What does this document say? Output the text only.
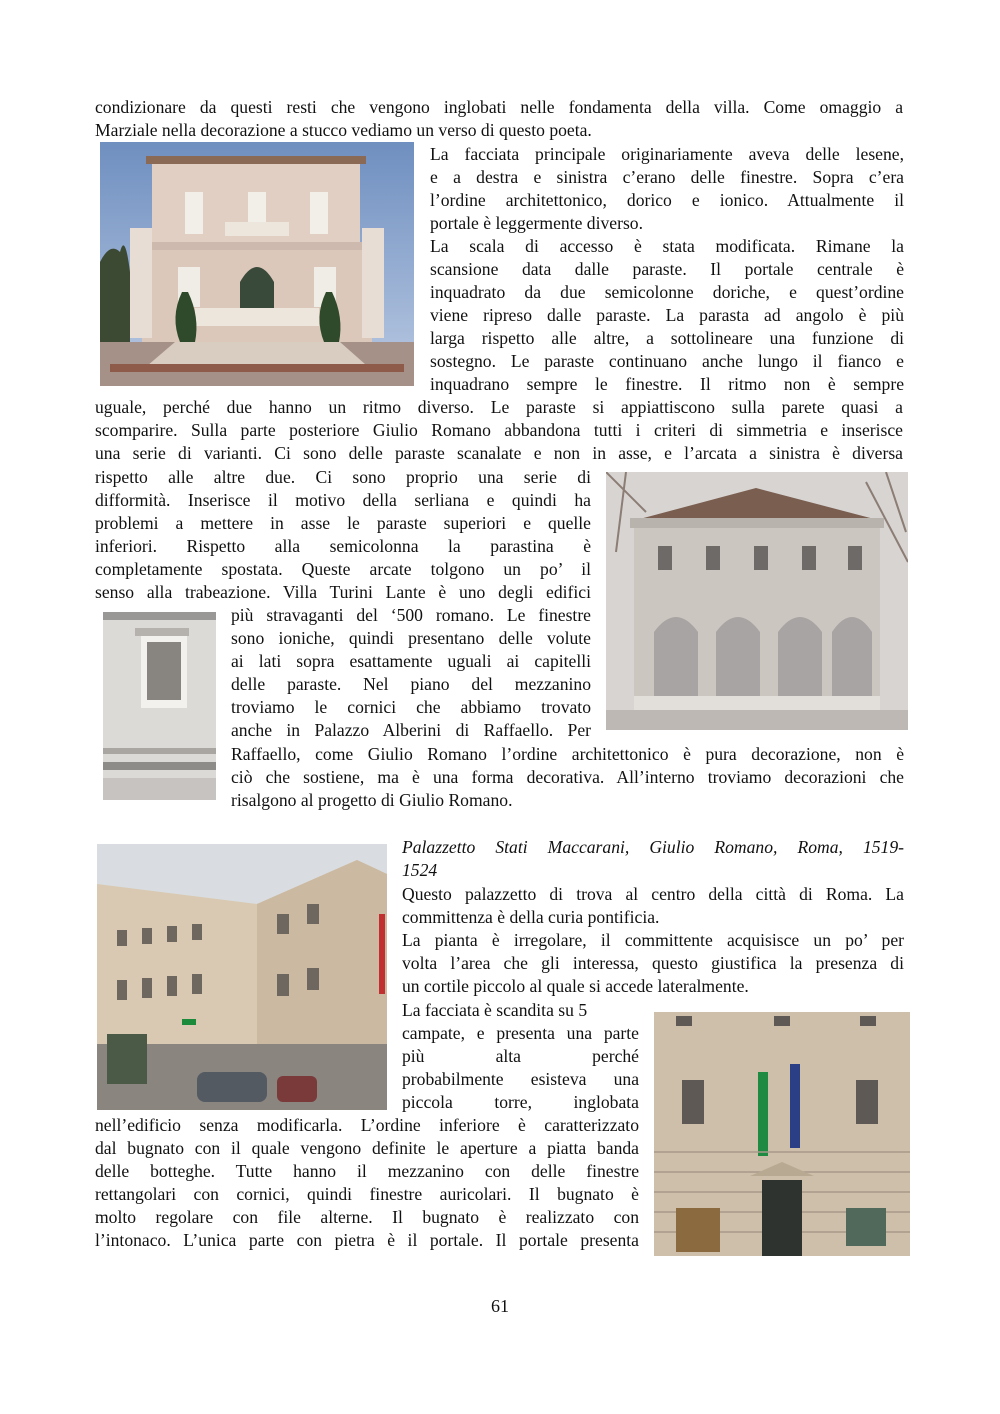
condizionare da questi resti che vengono inglobati nelle fondamenta della villa. Come omaggio a
Marziale nella decorazione a stucco vediamo un verso di questo poeta.
La facciata principale originariamente aveva delle lesene,
e a destra e sinistra c’erano delle finestre. Sopra c’era
l’ordine architettonico, dorico e ionico. Attualmente il
portale è leggermente diverso.
La scala di accesso è stata modificata. Rimane la
scansione data dalle paraste. Il portale centrale è
inquadrato da due semicolonne doriche, e quest’ordine
viene ripreso dalle paraste. La parasta ad angolo è più
larga rispetto alle altre, a sottolineare una funzione di
sostegno. Le paraste continuano anche lungo il fianco e
inquadrano sempre le finestre. Il ritmo non è sempre
uguale, perché due hanno un ritmo diverso. Le paraste si appiattiscono sulla parete quasi a
scomparire. Sulla parte posteriore Giulio Romano abbandona tutti i criteri di simmetria e inserisce
una serie di varianti. Ci sono delle paraste scanalate e non in asse, e l’arcata a sinistra è diversa
rispetto alle altre due. Ci sono proprio una serie di
difformità. Inserisce il motivo della serliana e quindi ha
problemi a mettere in asse le paraste superiori e quelle
inferiori. Rispetto alla semicolonna la parastina è
completamente spostata. Queste arcate tolgono un po’ il
senso alla trabeazione. Villa Turini Lante è uno degli edifici
più stravaganti del ‘500 romano. Le finestre
sono ioniche, quindi presentano delle volute
ai lati sopra esattamente uguali ai capitelli
delle paraste. Nel piano del mezzanino
troviamo le cornici che abbiamo trovato
anche in Palazzo Alberini di Raffaello. Per
Raffaello, come Giulio Romano l’ordine architettonico è pura decorazione, non è
ciò che sostiene, ma è una forma decorativa. All’interno troviamo decorazioni che
risalgono al progetto di Giulio Romano.
Palazzetto Stati Maccarani, Giulio Romano, Roma, 1519-
1524
Questo palazzetto di trova al centro della città di Roma. La
committenza è della curia pontificia.
La pianta è irregolare, il committente acquisisce un po’ per
volta l’area che gli interessa, questo giustifica la presenza di
un cortile piccolo al quale si accede lateralmente.
La facciata è scandita su 5
campate, e presenta una parte
più alta perché
probabilmente esisteva una
piccola torre, inglobata
nell’edificio senza modificarla. L’ordine inferiore è caratterizzato
dal bugnato con il quale vengono definite le aperture a piatta banda
delle botteghe. Tutte hanno il mezzanino con delle finestre
rettangolari con cornici, quindi finestre auricolari. Il bugnato è
molto regolare con file alterne. Il bugnato è realizzato con
l’intonaco. L’unica parte con pietra è il portale. Il portale presenta
61
